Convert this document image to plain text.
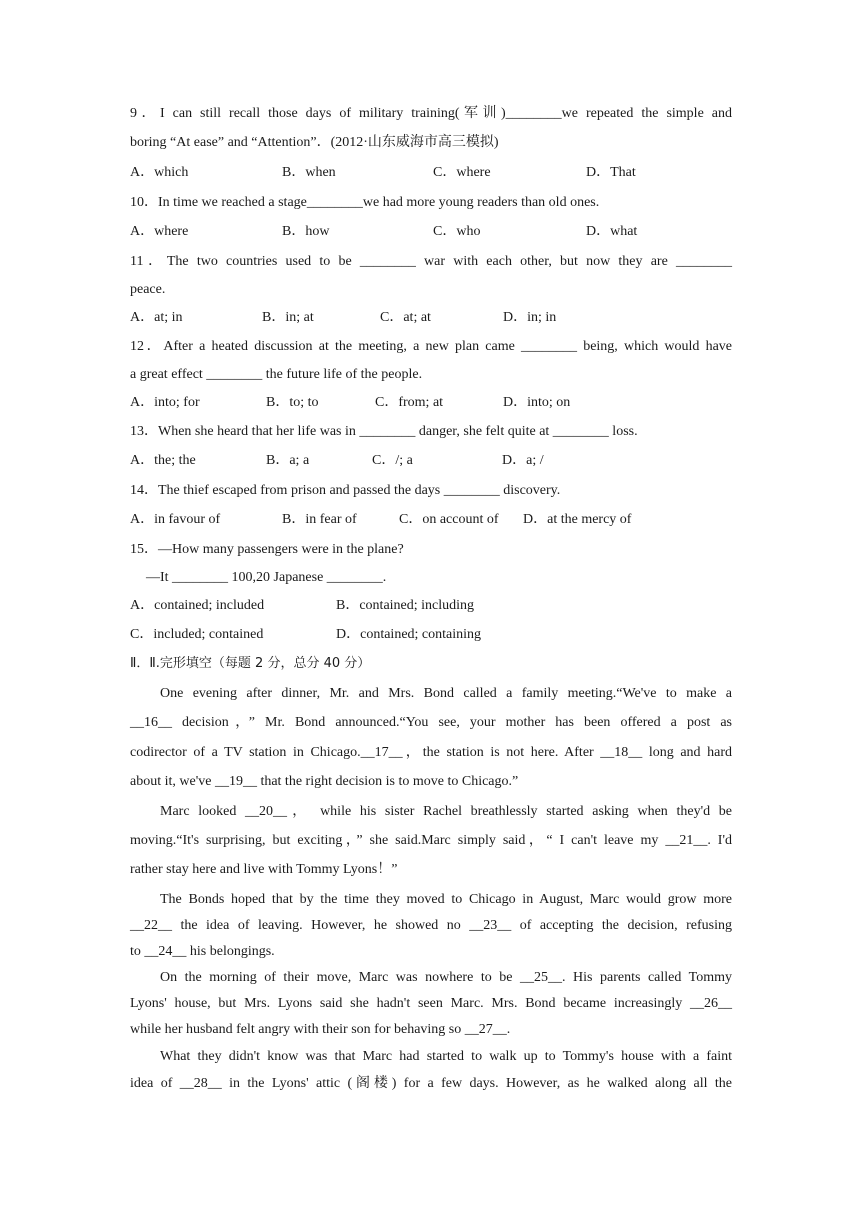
9．I can still recall those days of military training(军训)________we repeated the simple and
boring “At ease” and “Attention”．(2012·山东威海市高三模拟)
A．which	B．when	C．where	D．That
10．In time we reached a stage________we had more young readers than old ones.
A．where	B．how	C．who	D．what
11．The two countries used to be ________ war with each other, but now they are ________
peace.
A．at; in	B．in; at	C．at; at	D．in; in
12．After a heated discussion at the meeting, a new plan came ________ being, which would have
a great effect ________ the future life of the people.
A．into; for	B．to; to	C．from; at	D．into; on
13．When she heard that her life was in ________ danger, she felt quite at ________ loss.
A．the; the	B．a; a	C．/; a	D．a; /
14．The thief escaped from prison and passed the days ________ discovery.
A．in favour of	B．in fear of	C．on account of D．at the mercy of
15．—How many passengers were in the plane?
—It ________ 100,20 Japanese ________.
A．contained; included	B．contained; including
C．included; contained	D．contained; containing
Ⅱ．Ⅱ.完形填空（每题 2 分，总分 40 分）
One evening after dinner, Mr. and Mrs. Bond called a family meeting.“We've to make a
__16__ decision，” Mr. Bond announced.“You see, your mother has been offered a post as
codirector of a TV station in Chicago.__17__，the station is not here. After __18__ long and hard
about it, we've __19__ that the right decision is to move to Chicago.”
Marc looked __20__， while his sister Rachel breathlessly started asking when they'd be
moving.“It's surprising, but exciting，” she said.Marc simply said，“ I can't leave my __21__. I'd
rather stay here and live with Tommy Lyons！”
The Bonds hoped that by the time they moved to Chicago in August, Marc would grow more
__22__ the idea of leaving. However, he showed no __23__ of accepting the decision, refusing
to __24__ his belongings.
On the morning of their move, Marc was nowhere to be __25__. His parents called Tommy
Lyons' house, but Mrs. Lyons said she hadn't seen Marc. Mrs. Bond became increasingly __26__
while her husband felt angry with their son for behaving so __27__.
What they didn't know was that Marc had started to walk up to Tommy's house with a faint
idea of __28__ in the Lyons' attic (阁楼) for a few days. However, as he walked along all the
